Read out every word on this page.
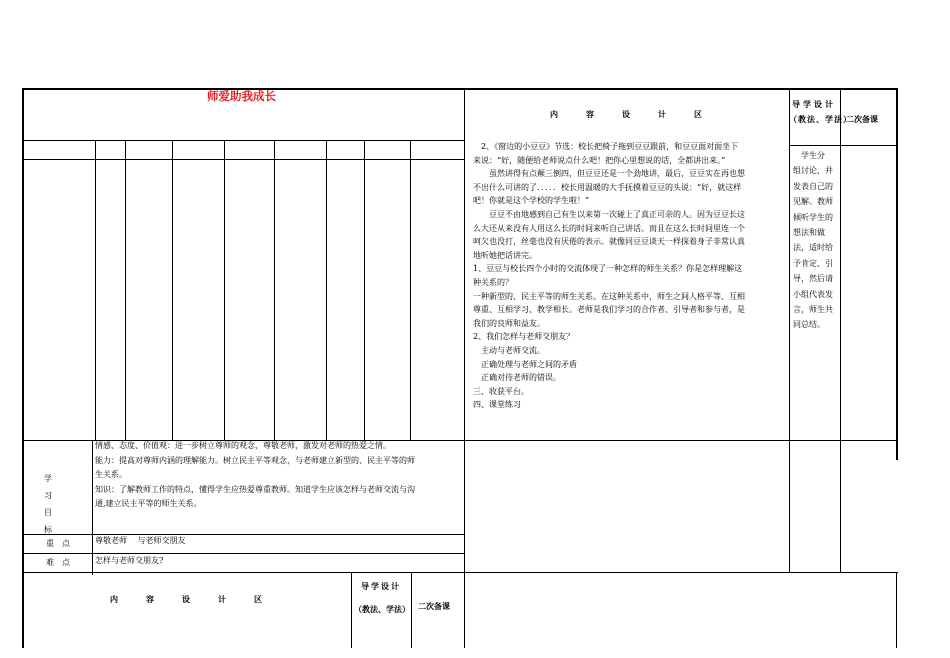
师爱助我成长
内容设计区
导学设计
（教法、学法）
二次备课
　2、《窗边的小豆豆》节选：校长把椅子拖到豆豆跟前，和豆豆面对面坐下
来说：“好，随便给老师说点什么吧！把你心里想说的话，全都讲出来。”
　　虽然讲得有点颠三倒四，但豆豆还是一个劲地讲，最后，豆豆实在再也想
不出什么可讲的了．．．．．校长用温暖的大手抚摸着豆豆的头说：“好，就这样
吧！你就是这个学校的学生啦！”
　　豆豆不由地感到自己有生以来第一次碰上了真正可亲的人。因为豆豆长这
么大还从来没有人用这么长的时间来听自己讲话。而且在这么长时间里连一个
呵欠也没打，丝毫也没有厌倦的表示。就像同豆豆谈天一样探着身子非常认真
地听她把话讲完。
1、豆豆与校长四个小时的交流体现了一种怎样的师生关系？你是怎样理解这
种关系的？
一种新型的、民主平等的师生关系。在这种关系中，师生之间人格平等、互相
尊重、互相学习、教学相长。老师是我们学习的合作者、引导者和参与者，是
我们的良师和益友。
2、我们怎样与老师交朋友？
　主动与老师交流。
　正确处理与老师之间的矛盾
　正确对待老师的错误。
三、收获平台。
四、课堂练习
　学生分
组讨论，并
发表自己的
见解。教师
倾听学生的
想法和做
法，适时给
予肯定、引
导，然后请
小组代表发
言，师生共
同总结。
学习目标
情感、态度、价值观：进一步树立尊师的观念，尊敬老师，激发对老师的热爱之情。
能力：提高对尊师内涵的理解能力。树立民主平等观念，与老师建立新型的、民主平等的师
生关系。
知识：了解教师工作的特点，懂得学生应热爱尊重教师。知道学生应该怎样与老师交流与沟
通,建立民主平等的师生关系。
重点 尊敬老师　 与老师交朋友
难点 怎样与老师交朋友?
内容设计区
导学设计
（教法、学法） 二次备课
